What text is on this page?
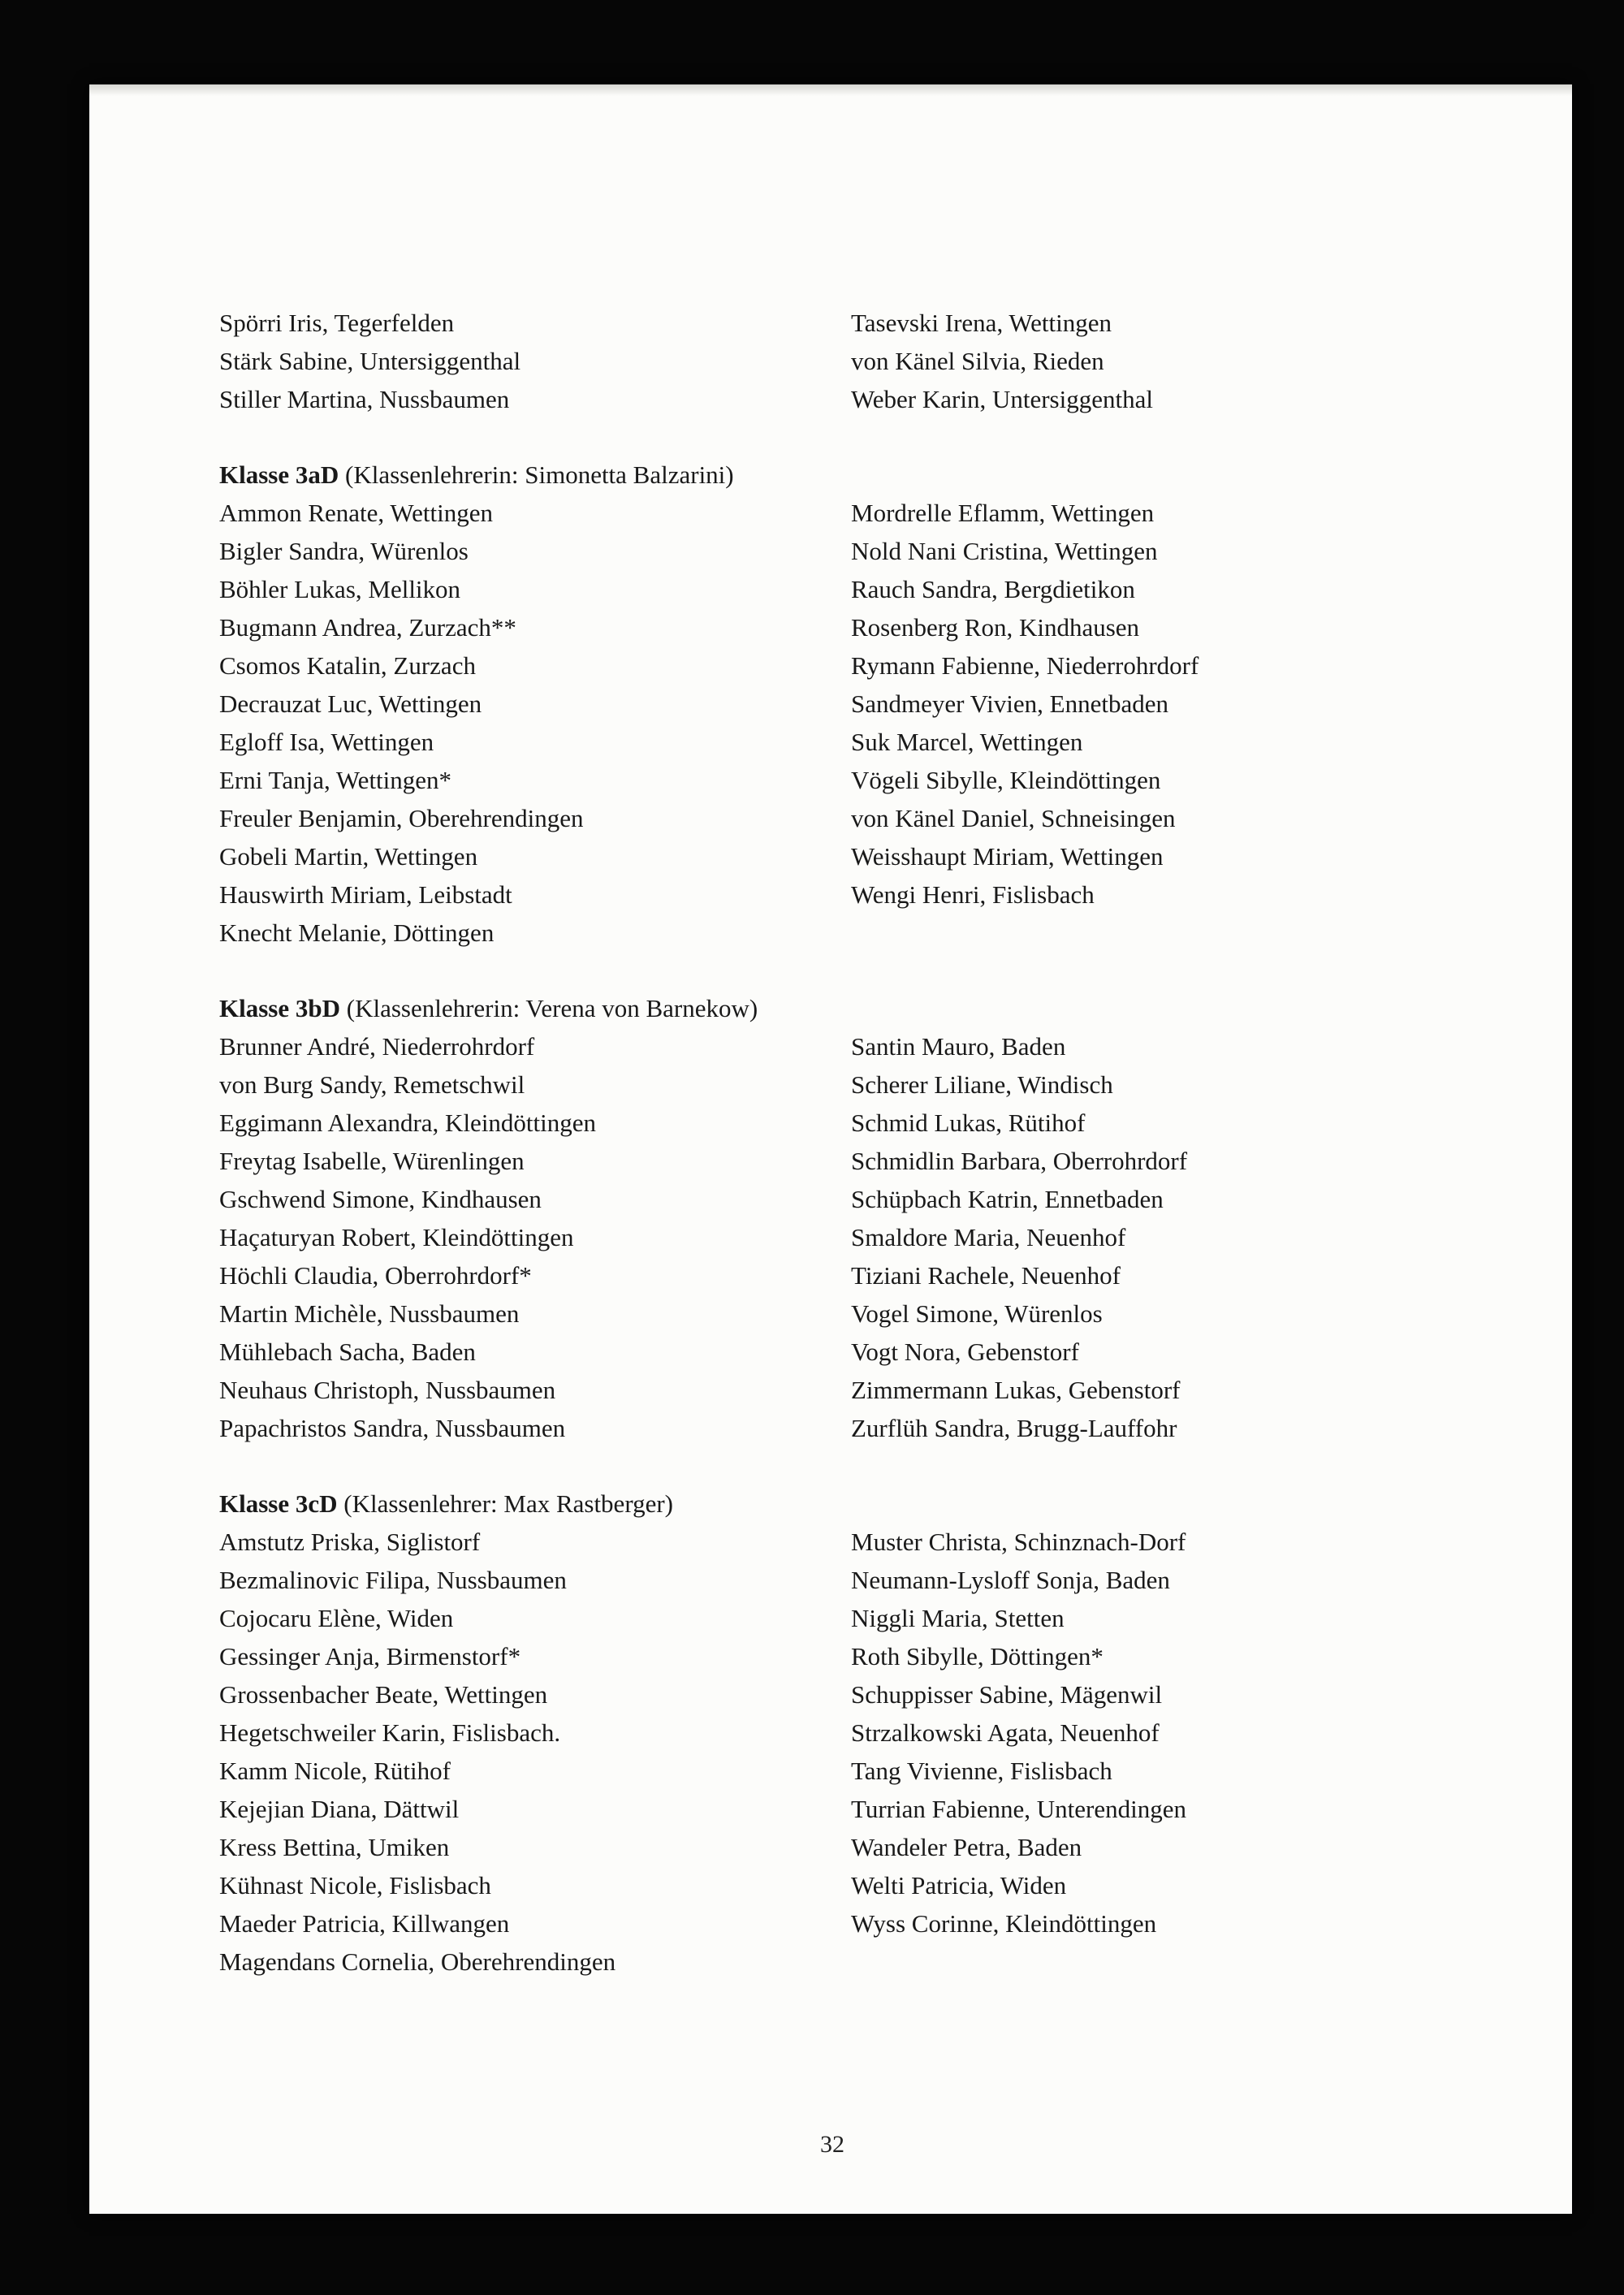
Spörri Iris, Tegerfelden
Stärk Sabine, Untersiggenthal
Stiller Martina, Nussbaumen
Tasevski Irena, Wettingen
von Känel Silvia, Rieden
Weber Karin, Untersiggenthal
Klasse 3aD (Klassenlehrerin: Simonetta Balzarini)
Ammon Renate, Wettingen
Bigler Sandra, Würenlos
Böhler Lukas, Mellikon
Bugmann Andrea, Zurzach**
Csomos Katalin, Zurzach
Decrauzat Luc, Wettingen
Egloff Isa, Wettingen
Erni Tanja, Wettingen*
Freuler Benjamin, Oberehrendingen
Gobeli Martin, Wettingen
Hauswirth Miriam, Leibstadt
Knecht Melanie, Döttingen
Mordrelle Eflamm, Wettingen
Nold Nani Cristina, Wettingen
Rauch Sandra, Bergdietikon
Rosenberg Ron, Kindhausen
Rymann Fabienne, Niederrohrdorf
Sandmeyer Vivien, Ennetbaden
Suk Marcel, Wettingen
Vögeli Sibylle, Kleindöttingen
von Känel Daniel, Schneisingen
Weisshaupt Miriam, Wettingen
Wengi Henri, Fislisbach
Klasse 3bD (Klassenlehrerin: Verena von Barnekow)
Brunner André, Niederrohrdorf
von Burg Sandy, Remetschwil
Eggimann Alexandra, Kleindöttingen
Freytag Isabelle, Würenlingen
Gschwend Simone, Kindhausen
Haçaturyan Robert, Kleindöttingen
Höchli Claudia, Oberrohrdorf*
Martin Michèle, Nussbaumen
Mühlebach Sacha, Baden
Neuhaus Christoph, Nussbaumen
Papachristos Sandra, Nussbaumen
Santin Mauro, Baden
Scherer Liliane, Windisch
Schmid Lukas, Rütihof
Schmidlin Barbara, Oberrohrdorf
Schüpbach Katrin, Ennetbaden
Smaldore Maria, Neuenhof
Tiziani Rachele, Neuenhof
Vogel Simone, Würenlos
Vogt Nora, Gebenstorf
Zimmermann Lukas, Gebenstorf
Zurflüh Sandra, Brugg-Lauffohr
Klasse 3cD (Klassenlehrer: Max Rastberger)
Amstutz Priska, Siglistorf
Bezmalinovic Filipa, Nussbaumen
Cojocaru Elène, Widen
Gessinger Anja, Birmenstorf*
Grossenbacher Beate, Wettingen
Hegetschweiler Karin, Fislisbach.
Kamm Nicole, Rütihof
Kejejian Diana, Dättwil
Kress Bettina, Umiken
Kühnast Nicole, Fislisbach
Maeder Patricia, Killwangen
Magendans Cornelia, Oberehrendingen
Muster Christa, Schinznach-Dorf
Neumann-Lysloff Sonja, Baden
Niggli Maria, Stetten
Roth Sibylle, Döttingen*
Schuppisser Sabine, Mägenwil
Strzalkowski Agata, Neuenhof
Tang Vivienne, Fislisbach
Turrian Fabienne, Unterendingen
Wandeler Petra, Baden
Welti Patricia, Widen
Wyss Corinne, Kleindöttingen
32
